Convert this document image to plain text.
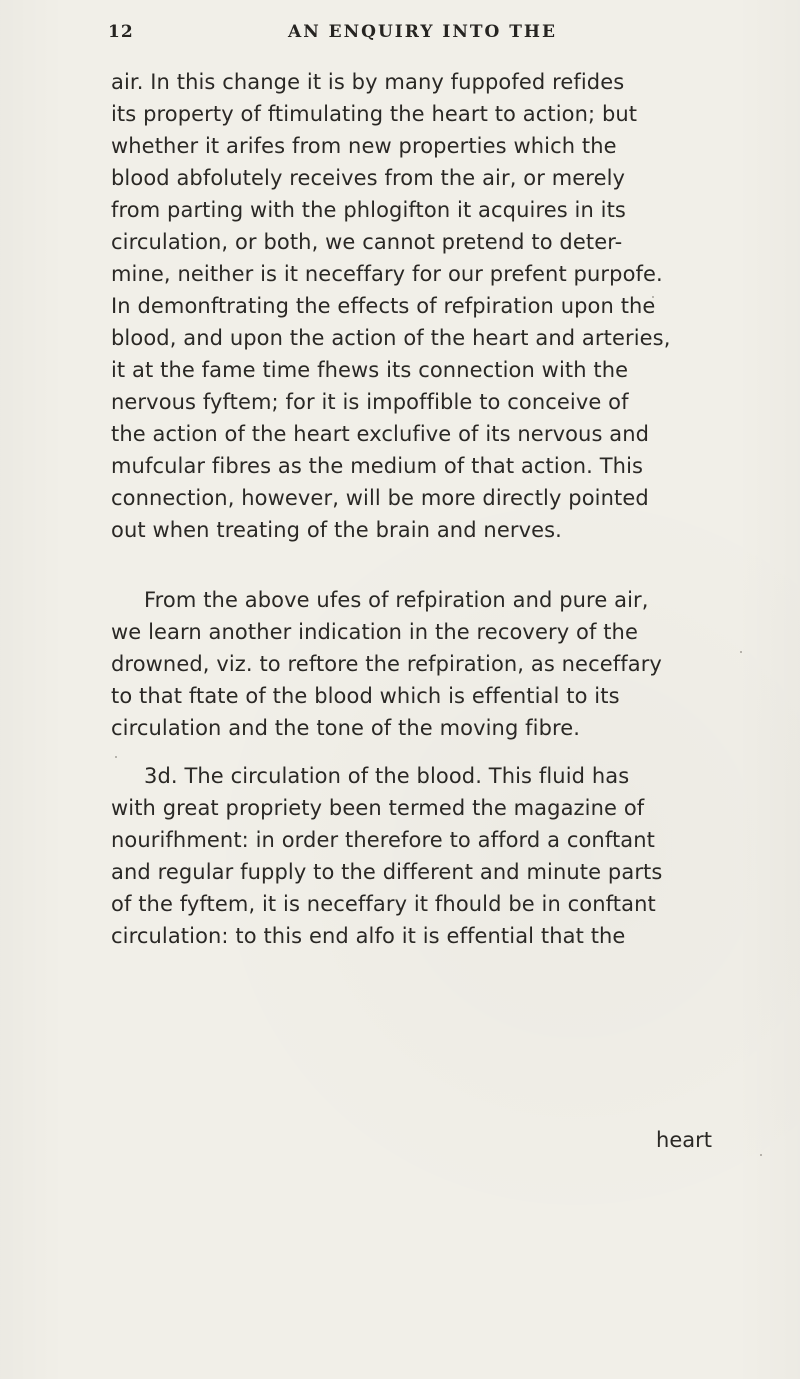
12	AN ENQUIRY INTO THE
air. In this change it is by many fuppofed refides
its property of ftimulating the heart to action; but
whether it arifes from new properties which the
blood abfolutely receives from the air, or merely
from parting with the phlogifton it acquires in its
circulation, or both, we cannot pretend to deter-
mine, neither is it neceffary for our prefent purpofe.
In demonftrating the effects of refpiration upon the
blood, and upon the action of the heart and arteries,
it at the fame time fhews its connection with the
nervous fyftem; for it is impoffible to conceive of
the action of the heart exclufive of its nervous and
mufcular fibres as the medium of that action. This
connection, however, will be more directly pointed
out when treating of the brain and nerves.
From the above ufes of refpiration and pure air,
we learn another indication in the recovery of the
drowned, viz. to reftore the refpiration, as neceffary
to that ftate of the blood which is effential to its
circulation and the tone of the moving fibre.
3d. The circulation of the blood. This fluid has
with great propriety been termed the magazine of
nourifhment: in order therefore to afford a conftant
and regular fupply to the different and minute parts
of the fyftem, it is neceffary it fhould be in conftant
circulation: to this end alfo it is effential that the
heart
